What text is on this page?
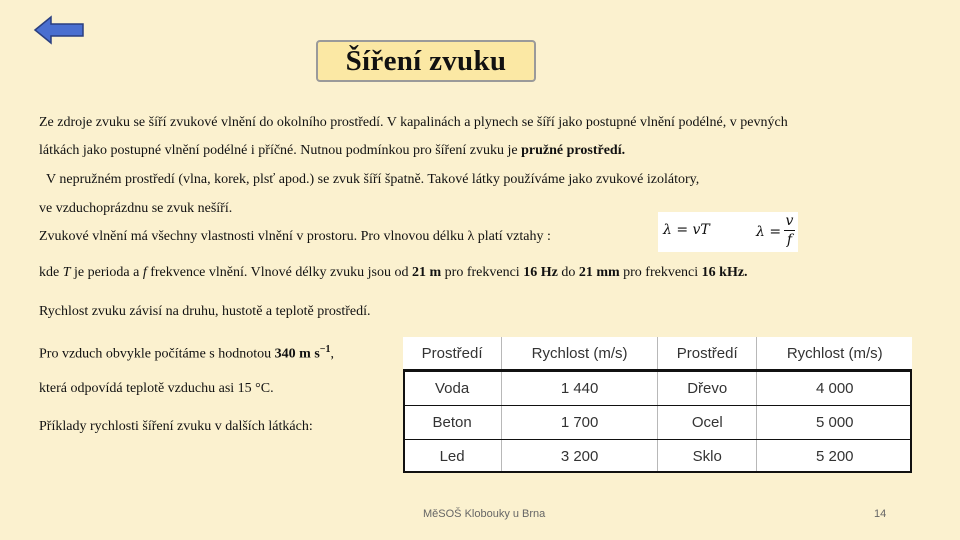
Šíření zvuku
Ze zdroje zvuku se šíří zvukové vlnění do okolního prostředí. V kapalinách a plynech se šíří jako postupné vlnění podélné, v pevných
látkách jako postupné vlnění podélné i příčné. Nutnou podmínkou pro šíření zvuku je pružné prostředí.
V nepružném prostředí (vlna, korek, plsť apod.) se zvuk šíří špatně. Takové látky používáme jako zvukové izolátory,
ve vzduchoprázdnu se zvuk nešíří.
Zvukové vlnění má všechny vlastnosti vlnění v prostoru. Pro vlnovou délku λ platí vztahy :	λ = vT	$\lambda = \frac{v}{f}$
kde T je perioda a f frekvence vlnění. Vlnové délky zvuku jsou od 21 m pro frekvenci 16 Hz do 21 mm pro frekvenci 16 kHz.
Rychlost zvuku závisí na druhu, hustotě a teplotě prostředí.
Pro vzduch obvykle počítáme s hodnotou 340 m $s^{-1}$,
která odpovídá teplotě vzduchu asi 15 °C.
Příklady rychlosti šíření zvuku v dalších látkách:
Prostředí	Rychlost (m/s)	Prostředí	Rychlost (m/s)
Voda	1 440	Dřevo	4 000
Beton	1 700	Ocel	5 000
Led	3 200	Sklo	5 200
MěSOŠ Klobouky u Brna	14
